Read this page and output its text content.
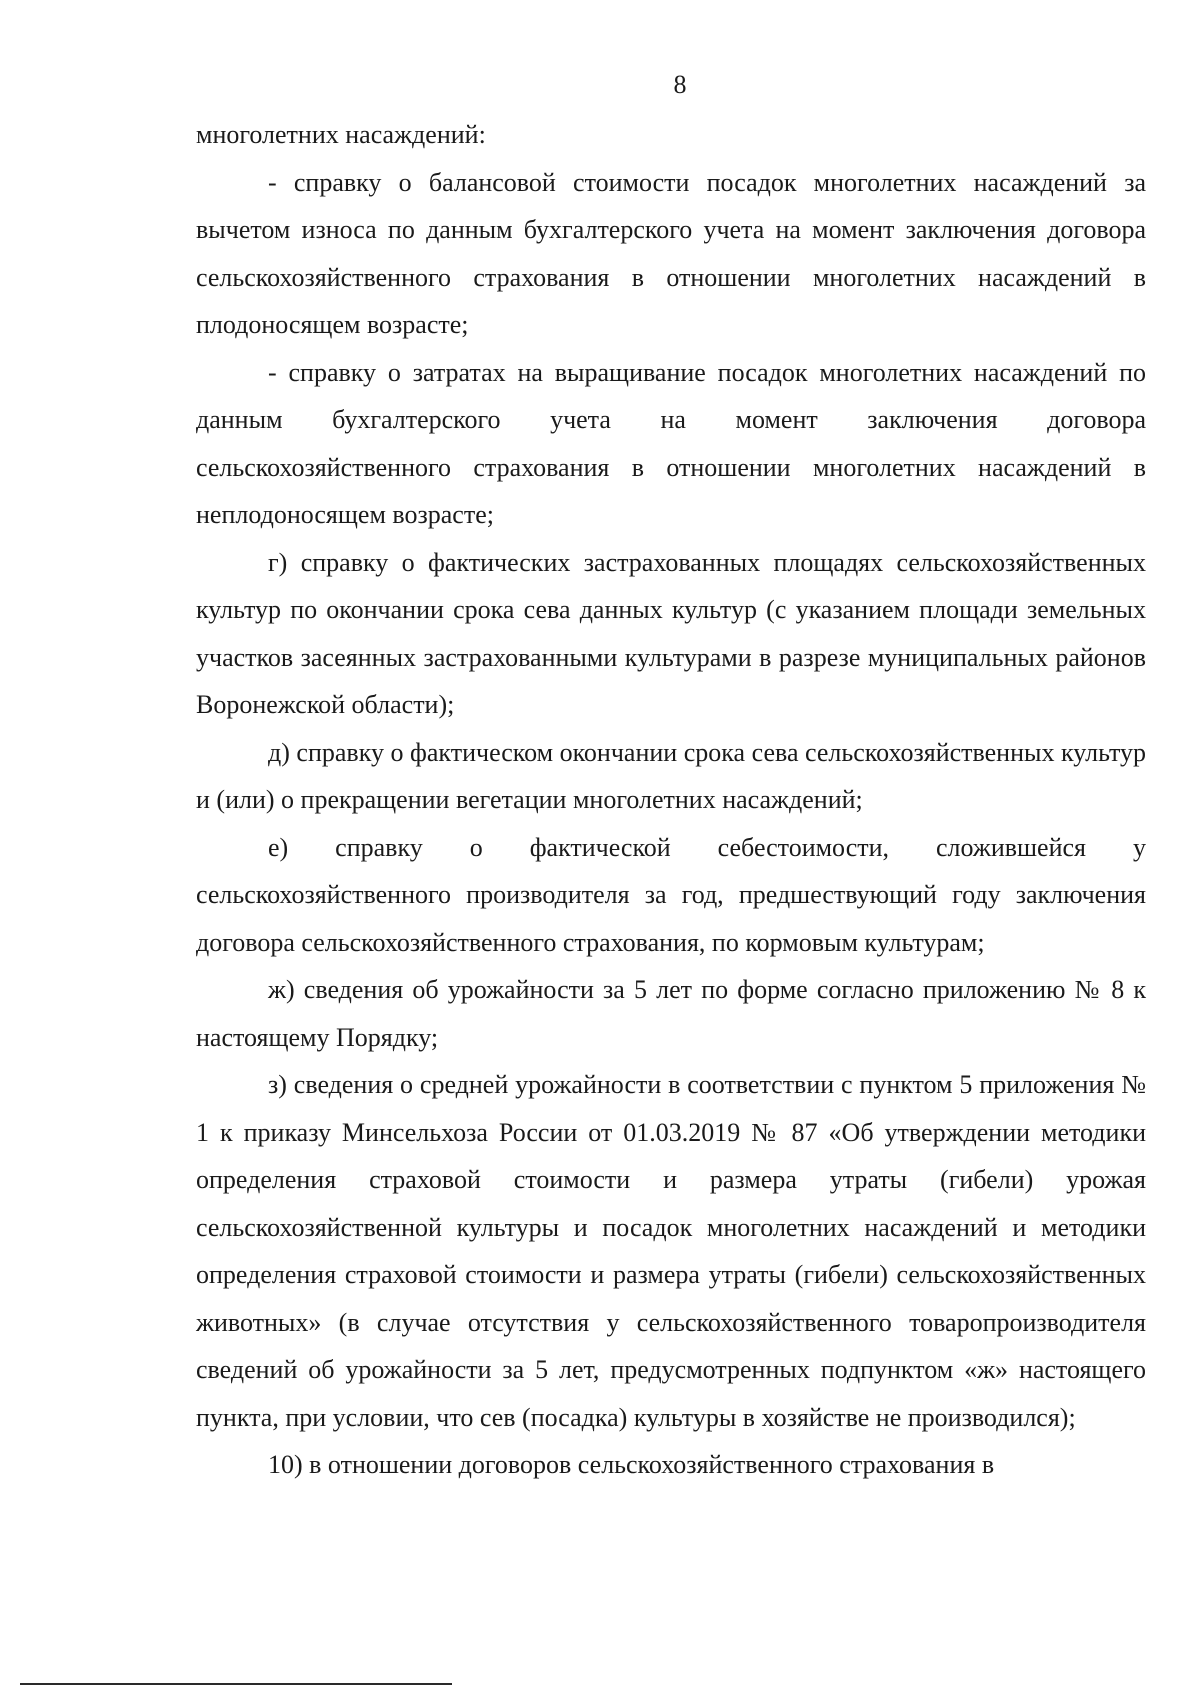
8

многолетних насаждений:

- справку о балансовой стоимости посадок многолетних насаждений за вычетом износа по данным бухгалтерского учета на момент заключения договора сельскохозяйственного страхования в отношении многолетних насаждений в плодоносящем возрасте;

- справку о затратах на выращивание посадок многолетних насаждений по данным бухгалтерского учета на момент заключения договора сельскохозяйственного страхования в отношении многолетних насаждений в неплодоносящем возрасте;

г) справку о фактических застрахованных площадях сельскохозяйственных культур по окончании срока сева данных культур (с указанием площади земельных участков засеянных застрахованными культурами в разрезе муниципальных районов Воронежской области);

д) справку о фактическом окончании срока сева сельскохозяйственных культур и (или) о прекращении вегетации многолетних насаждений;

е) справку о фактической себестоимости, сложившейся у сельскохозяйственного производителя за год, предшествующий году заключения договора сельскохозяйственного страхования, по кормовым культурам;

ж) сведения об урожайности за 5 лет по форме согласно приложению № 8 к настоящему Порядку;

з) сведения о средней урожайности в соответствии с пунктом 5 приложения № 1 к приказу Минсельхоза России от 01.03.2019 № 87 «Об утверждении методики определения страховой стоимости и размера утраты (гибели) урожая сельскохозяйственной культуры и посадок многолетних насаждений и методики определения страховой стоимости и размера утраты (гибели) сельскохозяйственных животных» (в случае отсутствия у сельскохозяйственного товаропроизводителя сведений об урожайности за 5 лет, предусмотренных подпунктом «ж» настоящего пункта, при условии, что сев (посадка) культуры в хозяйстве не производился);

10) в отношении договоров сельскохозяйственного страхования в
